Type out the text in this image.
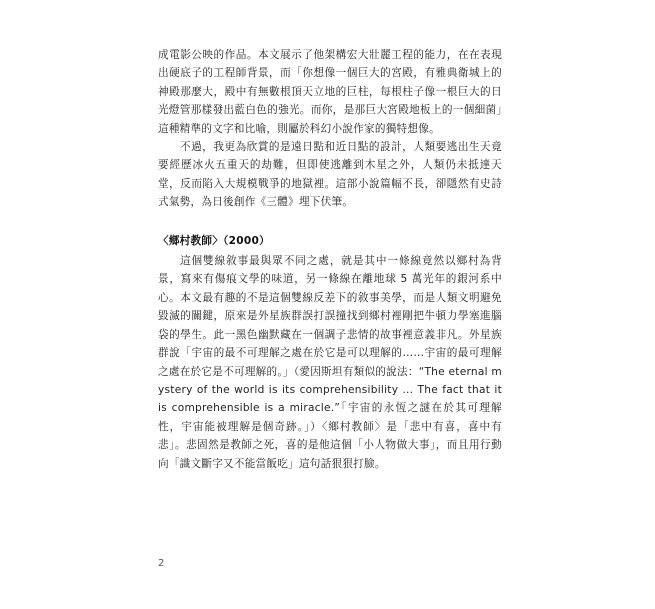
成電影公映的作品。本文展示了他架構宏大壯麗工程的能力，在在表現出硬底子的工程師背景，而「你想像一個巨大的宮殿，有雅典衛城上的神殿那麼大，殿中有無數根頂天立地的巨柱，每根柱子像一根巨大的日光燈管那樣發出藍白色的強光。而你，是那巨大宮殿地板上的一個細菌」這種精準的文字和比喻，則屬於科幻小說作家的獨特想像。

不過，我更為欣賞的是遠日點和近日點的設計，人類要逃出生天竟要經歷冰火五重天的劫難，但即使逃離到木星之外，人類仍未抵達天堂，反而陷入大規模戰爭的地獄裡。這部小說篇幅不長，卻隱然有史詩式氣勢，為日後創作《三體》埋下伏筆。

〈鄉村教師〉（2000）

這個雙線敘事最與眾不同之處，就是其中一條線竟然以鄉村為背景，寫來有傷痕文學的味道，另一條線在離地球 5 萬光年的銀河系中心。本文最有趣的不是這個雙線反差下的敘事美學，而是人類文明避免毀滅的關鍵，原來是外星族群誤打誤撞找到鄉村裡剛把牛頓力學塞進腦袋的學生。此一黑色幽默藏在一個調子悲情的故事裡意義非凡。外星族群說「宇宙的最不可理解之處在於它是可以理解的……宇宙的最可理解之處在於它是不可理解的。」（愛因斯坦有類似的說法：“The eternal mystery of the world is its comprehensibility ... The fact that it is comprehensible is a miracle.”「宇宙的永恆之謎在於其可理解性，宇宙能被理解是個奇跡。」）〈鄉村教師〉是「悲中有喜，喜中有悲」。悲固然是教師之死，喜的是他這個「小人物做大事」，而且用行動向「識文斷字又不能當飯吃」這句話狠狠打臉。

2
